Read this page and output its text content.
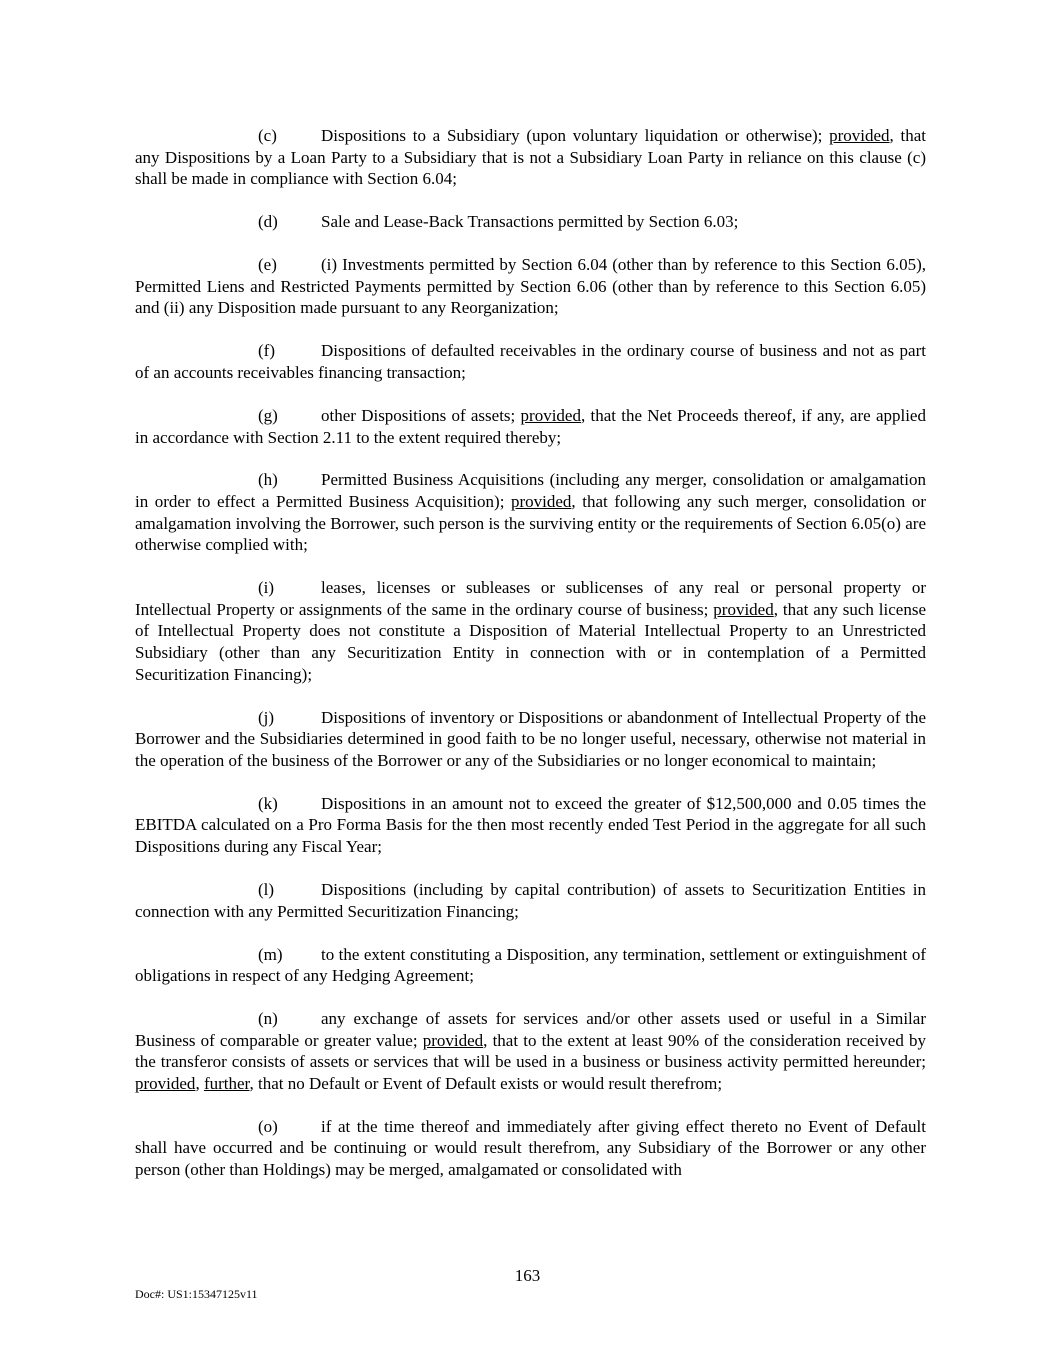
(c)	Dispositions to a Subsidiary (upon voluntary liquidation or otherwise); provided, that any Dispositions by a Loan Party to a Subsidiary that is not a Subsidiary Loan Party in reliance on this clause (c) shall be made in compliance with Section 6.04;

(d)	Sale and Lease-Back Transactions permitted by Section 6.03;

(e)	(i) Investments permitted by Section 6.04 (other than by reference to this Section 6.05), Permitted Liens and Restricted Payments permitted by Section 6.06 (other than by reference to this Section 6.05) and (ii) any Disposition made pursuant to any Reorganization;

(f)	Dispositions of defaulted receivables in the ordinary course of business and not as part of an accounts receivables financing transaction;

(g)	other Dispositions of assets; provided, that the Net Proceeds thereof, if any, are applied in accordance with Section 2.11 to the extent required thereby;

(h)	Permitted Business Acquisitions (including any merger, consolidation or amalgamation in order to effect a Permitted Business Acquisition); provided, that following any such merger, consolidation or amalgamation involving the Borrower, such person is the surviving entity or the requirements of Section 6.05(o) are otherwise complied with;

(i)	leases, licenses or subleases or sublicenses of any real or personal property or Intellectual Property or assignments of the same in the ordinary course of business; provided, that any such license of Intellectual Property does not constitute a Disposition of Material Intellectual Property to an Unrestricted Subsidiary (other than any Securitization Entity in connection with or in contemplation of a Permitted Securitization Financing);

(j)	Dispositions of inventory or Dispositions or abandonment of Intellectual Property of the Borrower and the Subsidiaries determined in good faith to be no longer useful, necessary, otherwise not material in the operation of the business of the Borrower or any of the Subsidiaries or no longer economical to maintain;

(k)	Dispositions in an amount not to exceed the greater of $12,500,000 and 0.05 times the EBITDA calculated on a Pro Forma Basis for the then most recently ended Test Period in the aggregate for all such Dispositions during any Fiscal Year;

(l)	Dispositions (including by capital contribution) of assets to Securitization Entities in connection with any Permitted Securitization Financing;

(m) to the extent constituting a Disposition, any termination, settlement or extinguishment of obligations in respect of any Hedging Agreement;

(n)	any exchange of assets for services and/or other assets used or useful in a Similar Business of comparable or greater value; provided, that to the extent at least 90% of the consideration received by the transferor consists of assets or services that will be used in a business or business activity permitted hereunder; provided, further, that no Default or Event of Default exists or would result therefrom;

(o)	if at the time thereof and immediately after giving effect thereto no Event of Default shall have occurred and be continuing or would result therefrom, any Subsidiary of the Borrower or any other person (other than Holdings) may be merged, amalgamated or consolidated with

163
Doc#: US1:15347125v11
